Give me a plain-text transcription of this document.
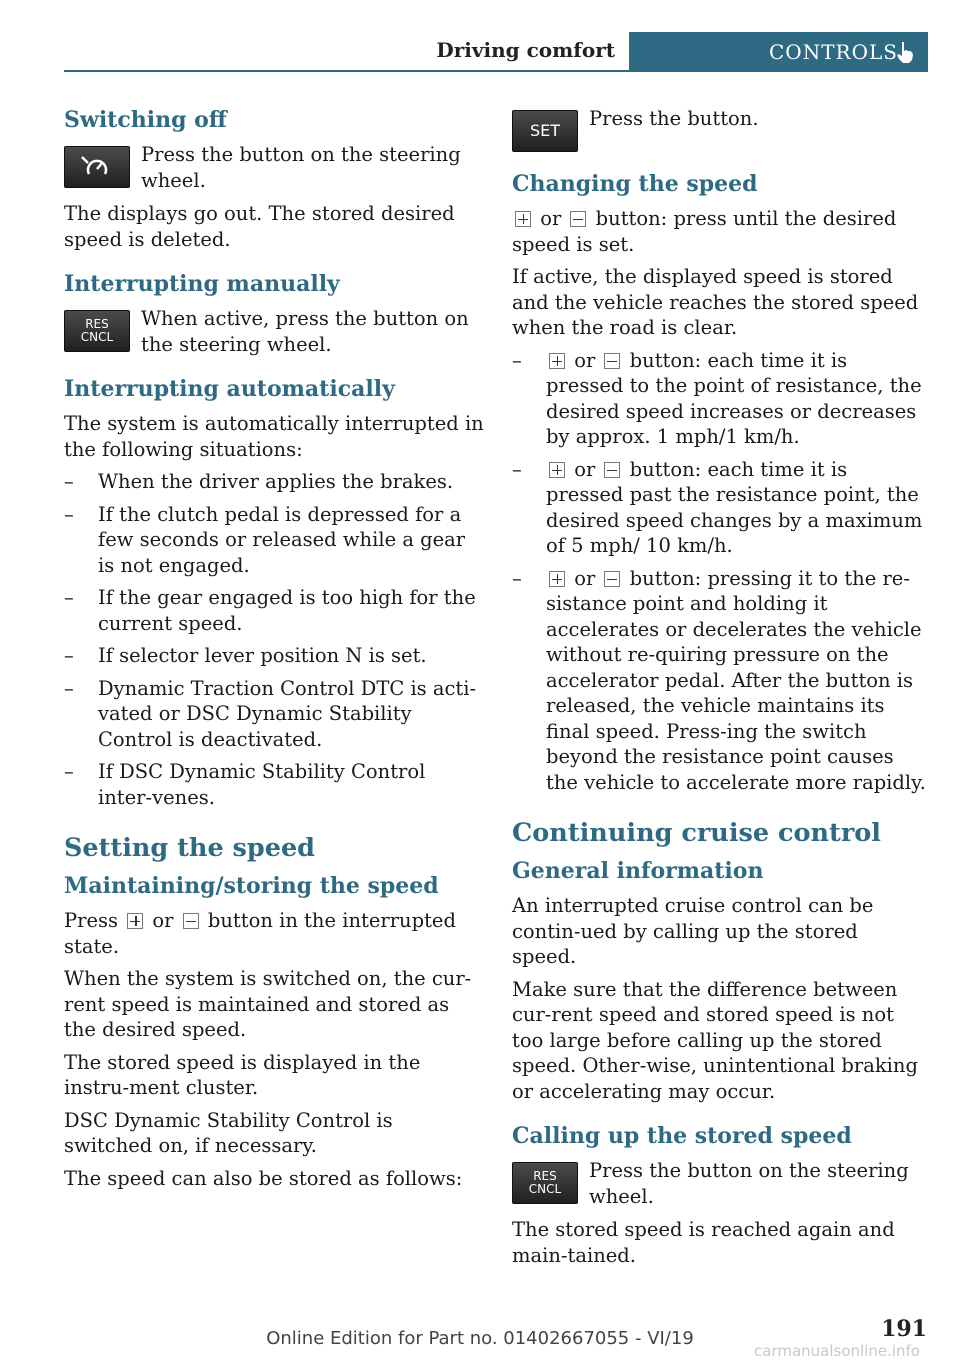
Driving comfort	CONTROLS
Switching off
Press the button on the steering wheel.

The displays go out. The stored desired speed is deleted.

Interrupting manually
RES
CNCL
When active, press the button on the steering wheel.
Interrupting automatically

The system is automatically interrupted in the following situations:

– When the driver applies the brakes.
– If the clutch pedal is depressed for a few seconds or released while a gear is not engaged.
– If the gear engaged is too high for the current speed.
– If selector lever position N is set.
– Dynamic Traction Control DTC is acti‐vated or DSC Dynamic Stability Control is deactivated.
– If DSC Dynamic Stability Control inter‐venes.
Setting the speed
Maintaining/storing the speed

Press or button in the interrupted state.

When the system is switched on, the cur‐rent speed is maintained and stored as the desired speed.

The stored speed is displayed in the instru‐ment cluster.

DSC Dynamic Stability Control is switched on, if necessary.

The speed can also be stored as follows:

SET
Press the button.
Changing the speed

or button: press until the desired speed is set.

If active, the displayed speed is stored and the vehicle reaches the stored speed when the road is clear.

–	or button: each time it is pressed to the point of resistance, the desired speed increases or decreases by approx. 1 mph/1 km/h.
–	or button: each time it is pressed past the resistance point, the desired speed changes by a maximum of 5 mph/ 10 km/h.
–	or button: pressing it to the re‐sistance point and holding it accelerates or decelerates the vehicle without re‐quiring pressure on the accelerator pedal. After the button is released, the vehicle maintains its final speed. Press‐ing the switch beyond the resistance point causes the vehicle to accelerate more rapidly.
Continuing cruise control
General information

An interrupted cruise control can be contin‐ued by calling up the stored speed.

Make sure that the difference between cur‐rent speed and stored speed is not too large before calling up the stored speed. Other‐wise, unintentional braking or accelerating may occur.

Calling up the stored speed
RES
CNCL
Press the button on the steering wheel.

The stored speed is reached again and main‐tained.

191
Online Edition for Part no. 01402667055 - VI/19
carmanualsonline.info
